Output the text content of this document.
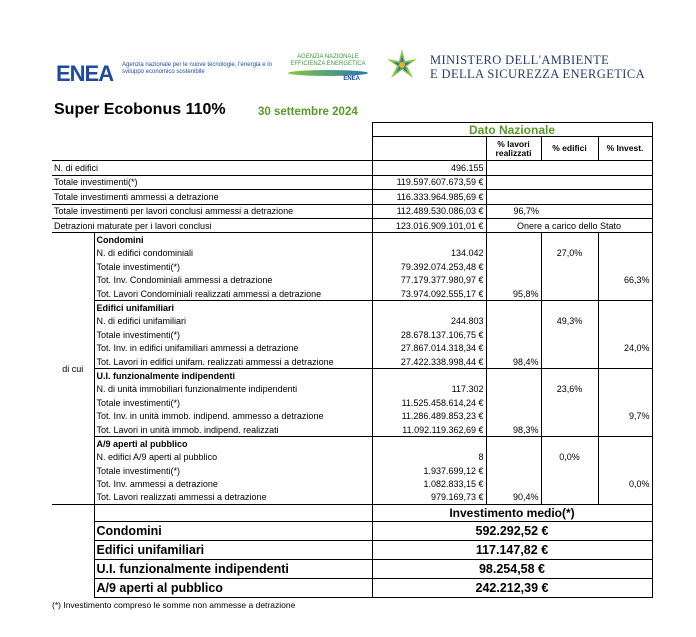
ENEA Agenzia nazionale per le nuove tecnologie, l'energia e lo sviluppo economico sostenibile
AGENZIA NAZIONALE
EFFICIENZA ENERGETICA
ENEA
MINISTERO DELL'AMBIENTE
E DELLA SICUREZZA ENERGETICA
Super Ecobonus 110%	30 settembre 2024
		Dato Nazionale			
			% lavori realizzati	% edifici	% Invest.
N. di edifici		496.155			
Totale investimenti(*)		119.597.607.673,59 €			
Totale investimenti ammessi a detrazione		116.333.964.985,69 €			
Totale investimenti per lavori conclusi ammessi a detrazione		112.489.530.086,03 €	96,7%		
Detrazioni maturate per i lavori conclusi		123.016.909.101,01 €	Onere a carico dello Stato		
di cui	Condomini				
	N. di edifici condominiali	134.042		27,0%	
	Totale investimenti(*)	79.392.074.253,48 €			
	Tot. Inv. Condominiali ammessi a detrazione	77.179.377.980,97 €			66,3%
	Tot. Lavori Condominiali realizzati ammessi a detrazione	73.974.092.555,17 €	95,8%		
	Edifici unifamiliari				
	N. di edifici unifamiliari	244.803		49,3%	
	Totale investimenti(*)	28.678.137.106,75 €			
	Tot. Inv. in edifici unifamiliari ammessi a detrazione	27.867.014.318,34 €			24,0%
	Tot. Lavori in edifici unifam. realizzati ammessi a detrazione	27.422.338.998,44 €	98,4%		
	U.I. funzionalmente indipendenti				
	N. di unità immobiliari funzionalmente indipendenti	117.302		23,6%	
	Totale investimenti(*)	11.525.458.614,24 €			
	Tot. Inv. in unità immob. indipend. ammesso a detrazione	11.286.489.853,23 €			9,7%
	Tot. Lavori in unità immob. indipend. realizzati	11.092.119.362,69 €	98,3%		
	A/9 aperti al pubblico				
	N. edifici A/9 aperti al pubblico	8		0,0%	
	Totale investimenti(*)	1.937.699,12 €			
	Tot. Inv. ammessi a detrazione	1.082.833,15 €			0,0%
	Tot. Lavori realizzati ammessi a detrazione	979.169,73 €	90,4%		
		Investimento medio(*)			
	Condomini	592.292,52 €			
	Edifici unifamiliari	117.147,82 €			
	U.I. funzionalmente indipendenti	98.254,58 €			
	A/9 aperti al pubblico	242.212,39 €			
(*) Investimento compreso le somme non ammesse a detrazione
